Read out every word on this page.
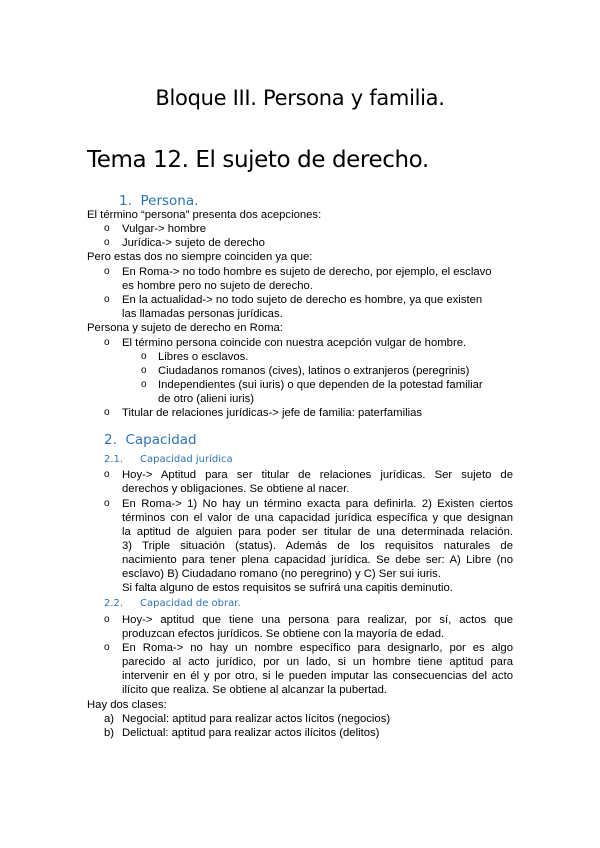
Bloque III. Persona y familia.
Tema 12. El sujeto de derecho.
1. Persona.
El término “persona” presenta dos acepciones:
o Vulgar-> hombre
o Jurídica-> sujeto de derecho
Pero estas dos no siempre coinciden ya que:
o En Roma-> no todo hombre es sujeto de derecho, por ejemplo, el esclavo
es hombre pero no sujeto de derecho.
o En la actualidad-> no todo sujeto de derecho es hombre, ya que existen
las llamadas personas jurídicas.
Persona y sujeto de derecho en Roma:
o El término persona coincide con nuestra acepción vulgar de hombre.
o Libres o esclavos.
o Ciudadanos romanos (cives), latinos o extranjeros (peregrinis)
o Independientes (sui iuris) o que dependen de la potestad familiar
de otro (alieni iuris)
o Titular de relaciones jurídicas-> jefe de familia: paterfamilias
2. Capacidad
2.1. Capacidad jurídica
o Hoy-> Aptitud para ser titular de relaciones jurídicas. Ser sujeto de
derechos y obligaciones. Se obtiene al nacer.
o En Roma-> 1) No hay un término exacta para definirla. 2) Existen ciertos
términos con el valor de una capacidad jurídica específica y que designan
la aptitud de alguien para poder ser titular de una determinada relación.
3) Triple situación (status). Además de los requisitos naturales de
nacimiento para tener plena capacidad jurídica. Se debe ser: A) Libre (no
esclavo) B) Ciudadano romano (no peregrino) y C) Ser sui iuris.
Si falta alguno de estos requisitos se sufrirá una capitis deminutio.
2.2. Capacidad de obrar.
o Hoy-> aptitud que tiene una persona para realizar, por sí, actos que
produzcan efectos jurídicos. Se obtiene con la mayoría de edad.
o En Roma-> no hay un nombre específico para designarlo, por es algo
parecido al acto jurídico, por un lado, si un hombre tiene aptitud para
intervenir en él y por otro, si le pueden imputar las consecuencias del acto
ilícito que realiza. Se obtiene al alcanzar la pubertad.
Hay dos clases:
a) Negocial: aptitud para realizar actos lícitos (negocios)
b) Delictual: aptitud para realizar actos ilícitos (delitos)
